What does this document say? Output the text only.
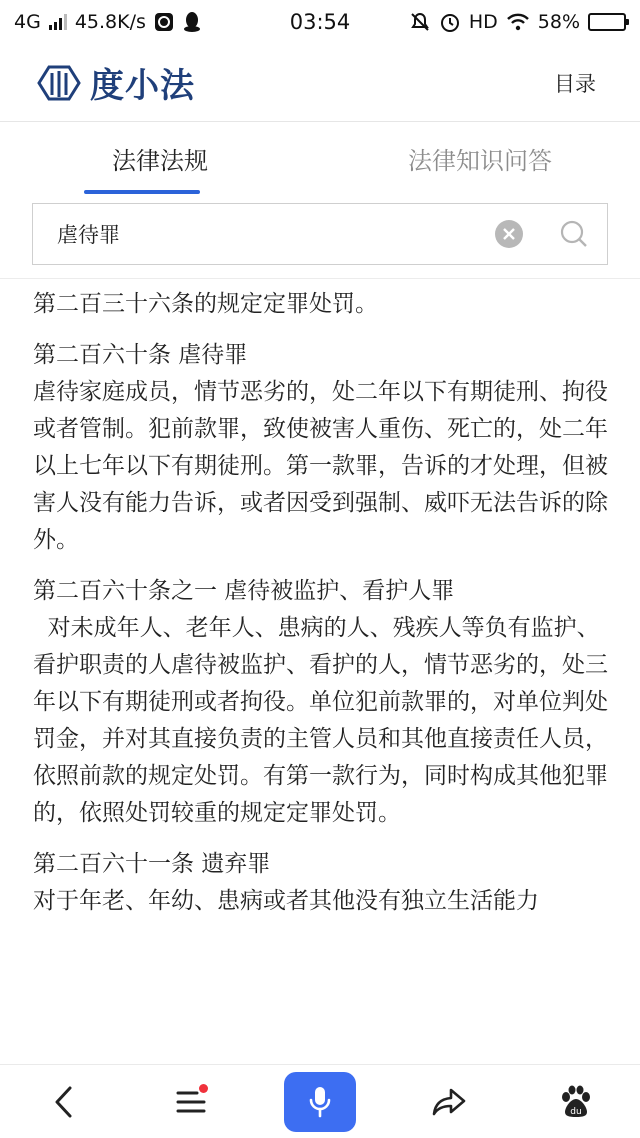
4G 45.8K/s	03:54	HD 58%
度小法	目录
法律法规	法律知识问答
虐待罪

第二百三十六条的规定定罪处罚。

第二百六十条 虐待罪

虐待家庭成员，情节恶劣的，处二年以下有期徒刑、拘役或者管制。犯前款罪，致使被害人重伤、死亡的，处二年以上七年以下有期徒刑。第一款罪，告诉的才处理，但被害人没有能力告诉，或者因受到强制、威吓无法告诉的除外。

第二百六十条之一 虐待被监护、看护人罪

对未成年人、老年人、患病的人、残疾人等负有监护、看护职责的人虐待被监护、看护的人，情节恶劣的，处三年以下有期徒刑或者拘役。单位犯前款罪的，对单位判处罚金，并对其直接负责的主管人员和其他直接责任人员，依照前款的规定处罚。有第一款行为，同时构成其他犯罪的，依照处罚较重的规定定罪处罚。

第二百六十一条 遗弃罪

对于年老、年幼、患病或者其他没有独立生活能力

du
